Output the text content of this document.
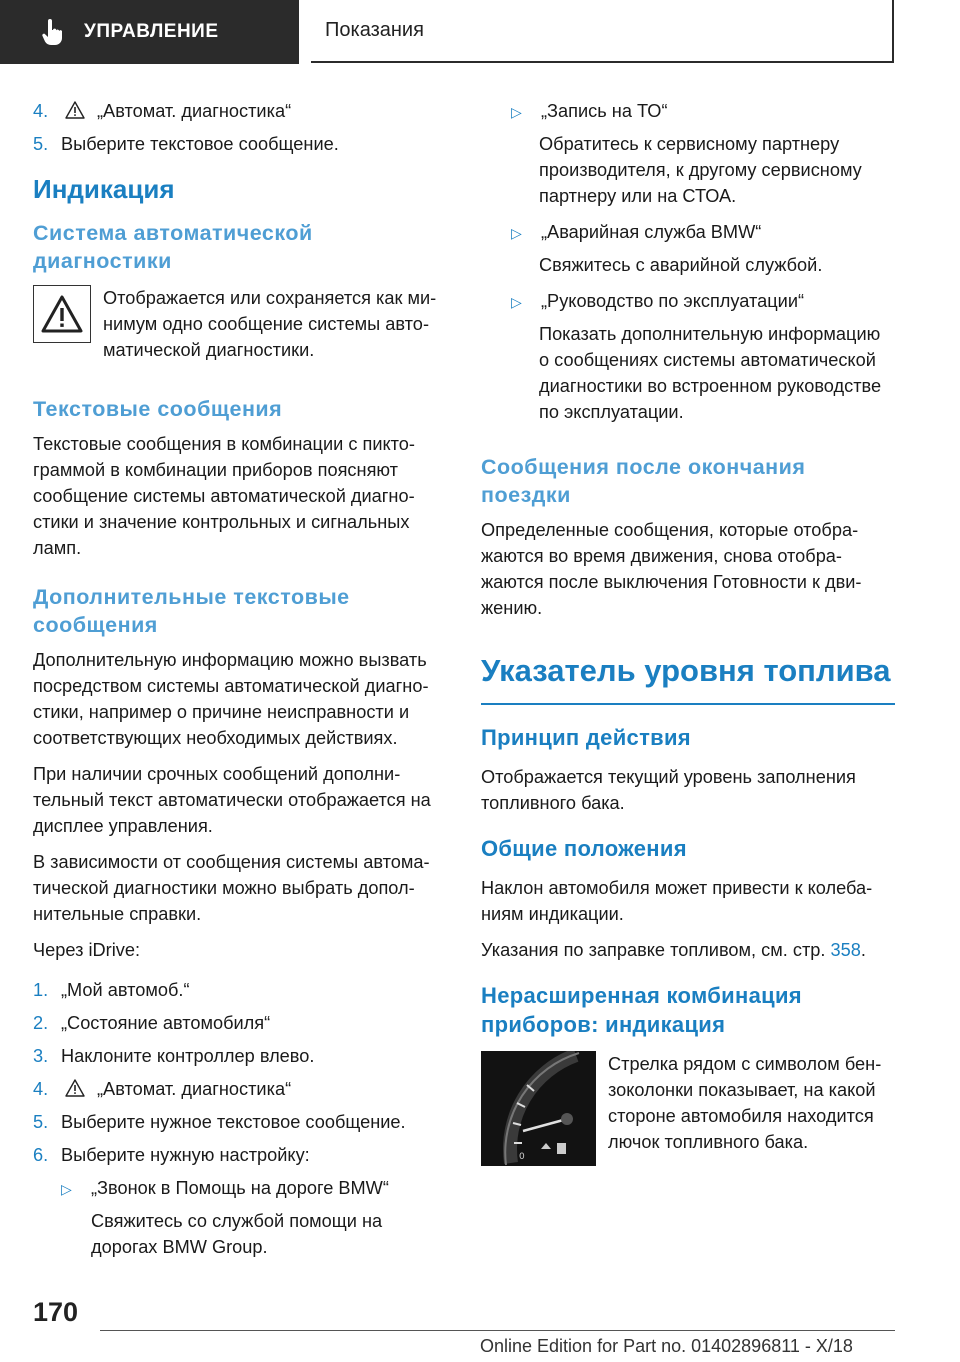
УПРАВЛЕНИЕ	Показания
4.	„Автомат. диагностика“
5. Выберите текстовое сообщение.
Индикация
Система автоматической диагностики
Отображается или сохраняется как минимум одно сообщение системы автоматической диагностики.
Текстовые сообщения

Текстовые сообщения в комбинации с пиктограммой в комбинации приборов поясняют сообщение системы автоматической диагностики и значение контрольных и сигнальных ламп.

Дополнительные текстовые сообщения

Дополнительную информацию можно вызвать посредством системы автоматической диагностики, например о причине неисправности и соответствующих необходимых действиях.

При наличии срочных сообщений дополнительный текст автоматически отображается на дисплее управления.

В зависимости от сообщения системы автоматической диагностики можно выбрать дополнительные справки.

Через iDrive:

1. „Мой автомоб.“
2. „Состояние автомобиля“
3. Наклоните контроллер влево.
4.	„Автомат. диагностика“
5. Выберите нужное текстовое сообщение.
6. Выберите нужную настройку:
▷	„Звонок в Помощь на дороге BMW“
Свяжитесь со службой помощи на дорогах BMW Group.
▷	„Запись на ТО“
Обратитесь к сервисному партнеру производителя, к другому сервисному партнеру или на СТОА.
▷	„Аварийная служба BMW“
Свяжитесь с аварийной службой.
▷	„Руководство по эксплуатации“
Показать дополнительную информацию о сообщениях системы автоматической диагностики во встроенном руководстве по эксплуатации.
Сообщения после окончания поездки

Определенные сообщения, которые отображаются во время движения, снова отображаются после выключения Готовности к движению.

Указатель уровня топлива
Принцип действия

Отображается текущий уровень заполнения топливного бака.

Общие положения

Наклон автомобиля может привести к колебаниям индикации.

Указания по заправке топливом, см. стр. 358.

Нерасширенная комбинация приборов: индикация
0
Стрелка рядом с символом бензоколонки показывает, на какой стороне автомобиля находится лючок топливного бака.
170
Online Edition for Part no. 01402896811 - X/18
